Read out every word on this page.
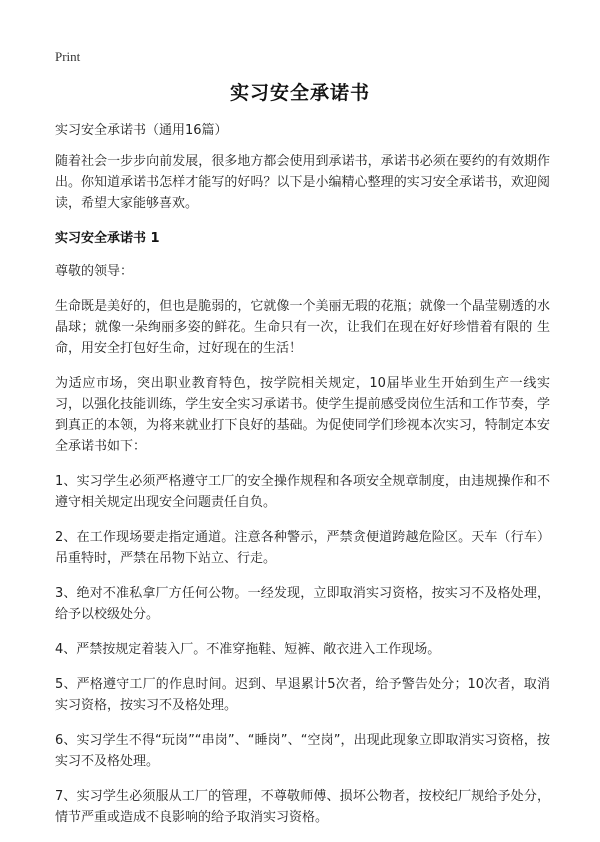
Print
实习安全承诺书

实习安全承诺书（通用16篇）

随着社会一步步向前发展，很多地方都会使用到承诺书，承诺书必须在要约的有效期作出。你知道承诺书怎样才能写的好吗？以下是小编精心整理的实习安全承诺书，欢迎阅读，希望大家能够喜欢。

实习安全承诺书 1

尊敬的领导：

生命既是美好的，但也是脆弱的，它就像一个美丽无瑕的花瓶；就像一个晶莹剔透的水晶球；就像一朵绚丽多姿的鲜花。生命只有一次，让我们在现在好好珍惜着有限的 生命，用安全打包好生命，过好现在的生活！

为适应市场，突出职业教育特色，按学院相关规定，10届毕业生开始到生产一线实习，以强化技能训练，学生安全实习承诺书。使学生提前感受岗位生活和工作节奏，学到真正的本领，为将来就业打下良好的基础。为促使同学们珍视本次实习，特制定本安全承诺书如下：

1、实习学生必须严格遵守工厂的安全操作规程和各项安全规章制度，由违规操作和不遵守相关规定出现安全问题责任自负。

2、在工作现场要走指定通道。注意各种警示，严禁贪便道跨越危险区。天车（行车）吊重特时，严禁在吊物下站立、行走。

3、绝对不准私拿厂方任何公物。一经发现，立即取消实习资格，按实习不及格处理，给予以校级处分。

4、严禁按规定着装入厂。不准穿拖鞋、短裤、敞衣进入工作现场。

5、严格遵守工厂的作息时间。迟到、早退累计5次者，给予警告处分；10次者，取消实习资格，按实习不及格处理。

6、实习学生不得“玩岗”“串岗”、“睡岗”、“空岗”，出现此现象立即取消实习资格，按实习不及格处理。

7、实习学生必须服从工厂的管理，不尊敬师傅、损坏公物者，按校纪厂规给予处分，情节严重或造成不良影响的给予取消实习资格。
